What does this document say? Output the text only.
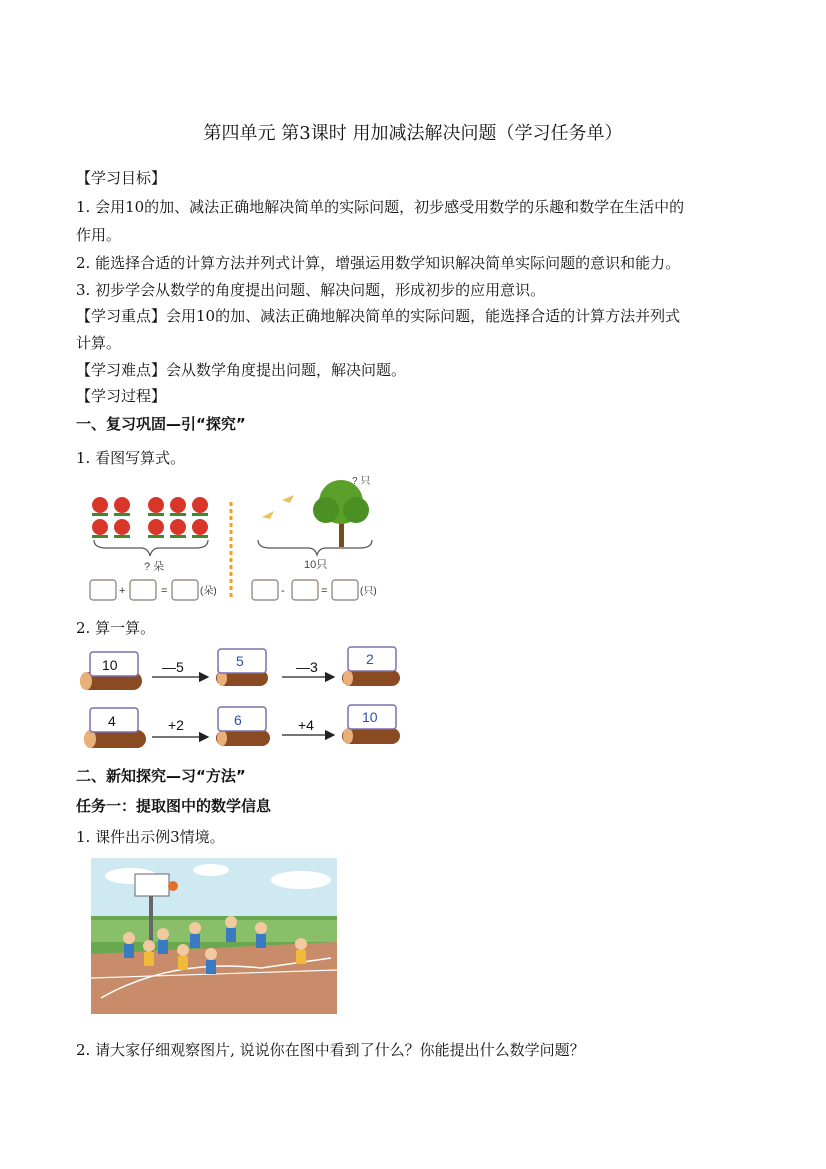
第四单元 第3课时 用加减法解决问题（学习任务单）
【学习目标】
1. 会用10的加、减法正确地解决简单的实际问题，初步感受用数学的乐趣和数学在生活中的
作用。
2. 能选择合适的计算方法并列式计算，增强运用数学知识解决简单实际问题的意识和能力。
3. 初步学会从数学的角度提出问题、解决问题，形成初步的应用意识。
【学习重点】会用10的加、减法正确地解决简单的实际问题，能选择合适的计算方法并列式
计算。
【学习难点】会从数学角度提出问题，解决问题。
【学习过程】
一、复习巩固—引“探究”
1. 看图写算式。
? 朵
? 只
10只
+	=	(朵)	-	=	(只)
2. 算一算。
10	—5	5	—3	2
4	+2	6	+4	10
二、新知探究—习“方法”
任务一：提取图中的数学信息
1. 课件出示例3情境。
2. 请大家仔细观察图片, 说说你在图中看到了什么？你能提出什么数学问题？
